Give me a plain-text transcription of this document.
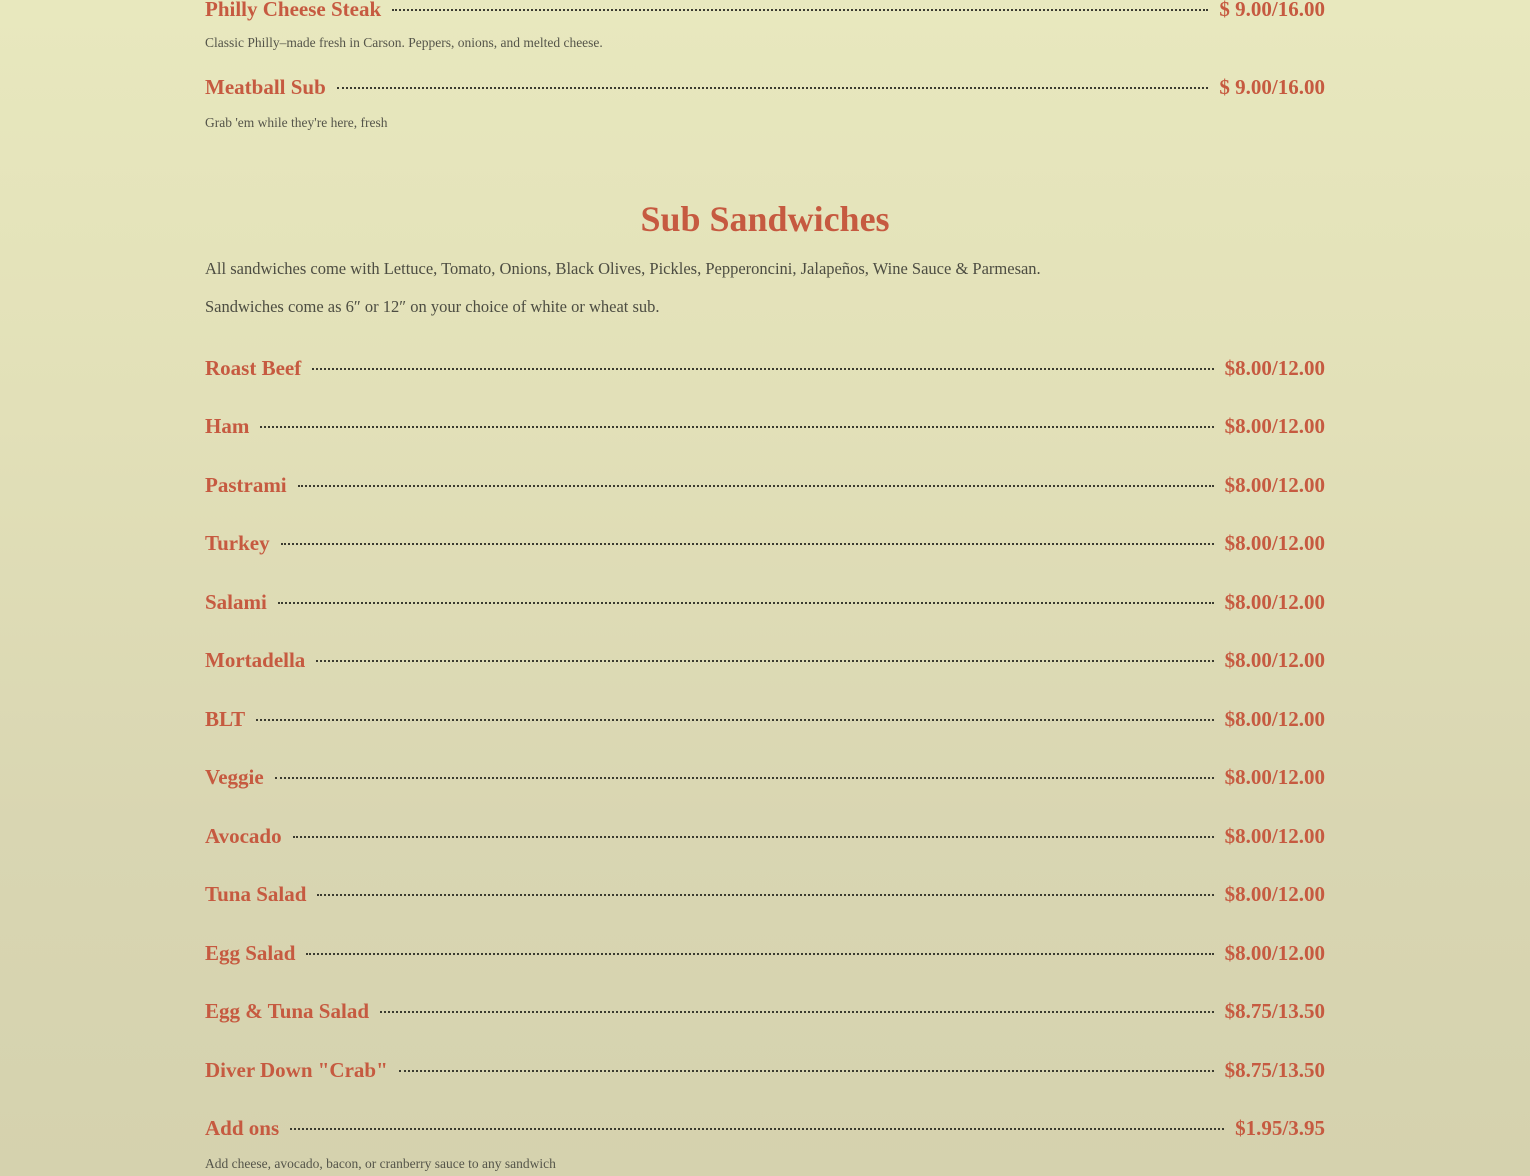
Philly Cheese Steak	$ 9.00/16.00
Classic Philly–made fresh in Carson. Peppers, onions, and melted cheese.
Meatball Sub	$ 9.00/16.00
Grab 'em while they're here, fresh
Sub Sandwiches
All sandwiches come with Lettuce, Tomato, Onions, Black Olives, Pickles, Pepperoncini, Jalapeños, Wine Sauce & Parmesan.
Sandwiches come as 6″ or 12″ on your choice of white or wheat sub.
Roast Beef	$8.00/12.00
Ham	$8.00/12.00
Pastrami	$8.00/12.00
Turkey	$8.00/12.00
Salami	$8.00/12.00
Mortadella	$8.00/12.00
BLT	$8.00/12.00
Veggie	$8.00/12.00
Avocado	$8.00/12.00
Tuna Salad	$8.00/12.00
Egg Salad	$8.00/12.00
Egg & Tuna Salad	$8.75/13.50
Diver Down "Crab"	$8.75/13.50
Add ons	$1.95/3.95
Add cheese, avocado, bacon, or cranberry sauce to any sandwich
